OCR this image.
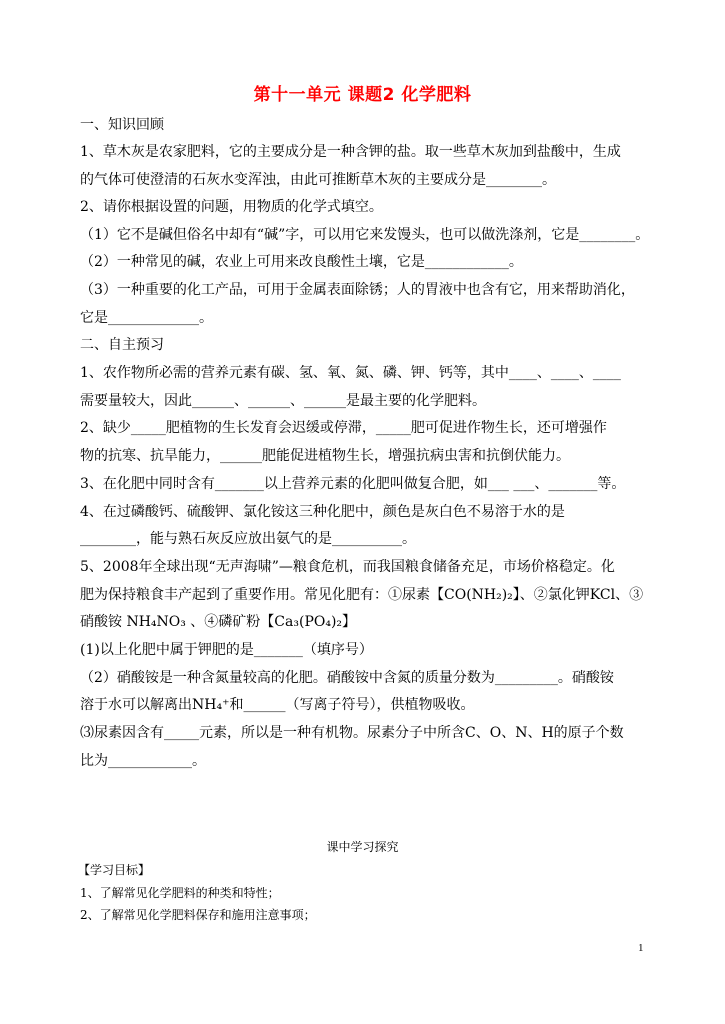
第十一单元 课题2 化学肥料
一、知识回顾
1、草木灰是农家肥料，它的主要成分是一种含钾的盐。取一些草木灰加到盐酸中，生成
的气体可使澄清的石灰水变浑浊，由此可推断草木灰的主要成分是________。
2、请你根据设置的问题，用物质的化学式填空。
（1）它不是碱但俗名中却有“碱”字，可以用它来发馒头，也可以做洗涤剂，它是________。
（2）一种常见的碱，农业上可用来改良酸性土壤，它是____________。
（3）一种重要的化工产品，可用于金属表面除锈；人的胃液中也含有它，用来帮助消化，
它是_____________。
二、自主预习
1、农作物所必需的营养元素有碳、氢、氧、氮、磷、钾、钙等，其中____、____、____
需要量较大，因此______、______、______是最主要的化学肥料。
2、缺少_____肥植物的生长发育会迟缓或停滞，_____肥可促进作物生长，还可增强作
物的抗寒、抗旱能力，______肥能促进植物生长，增强抗病虫害和抗倒伏能力。
3、在化肥中同时含有_______以上营养元素的化肥叫做复合肥，如___ ___、_______等。
4、在过磷酸钙、硫酸钾、氯化铵这三种化肥中，颜色是灰白色不易溶于水的是
________，能与熟石灰反应放出氨气的是__________。
5、2008年全球出现“无声海啸”—粮食危机，而我国粮食储备充足，市场价格稳定。化
肥为保持粮食丰产起到了重要作用。常见化肥有：①尿素【CO(NH₂)₂】、②氯化钾KCl、③
硝酸铵 NH₄NO₃ 、④磷矿粉【Ca₃(PO₄)₂】
(1)以上化肥中属于钾肥的是_______（填序号）
（2）硝酸铵是一种含氮量较高的化肥。硝酸铵中含氮的质量分数为_________。硝酸铵
溶于水可以解离出NH₄⁺和______（写离子符号），供植物吸收。
⑶尿素因含有_____元素，所以是一种有机物。尿素分子中所含C、O、N、H的原子个数
比为____________。
课中学习探究
【学习目标】
1、了解常见化学肥料的种类和特性；
2、了解常见化学肥料保存和施用注意事项；
1
